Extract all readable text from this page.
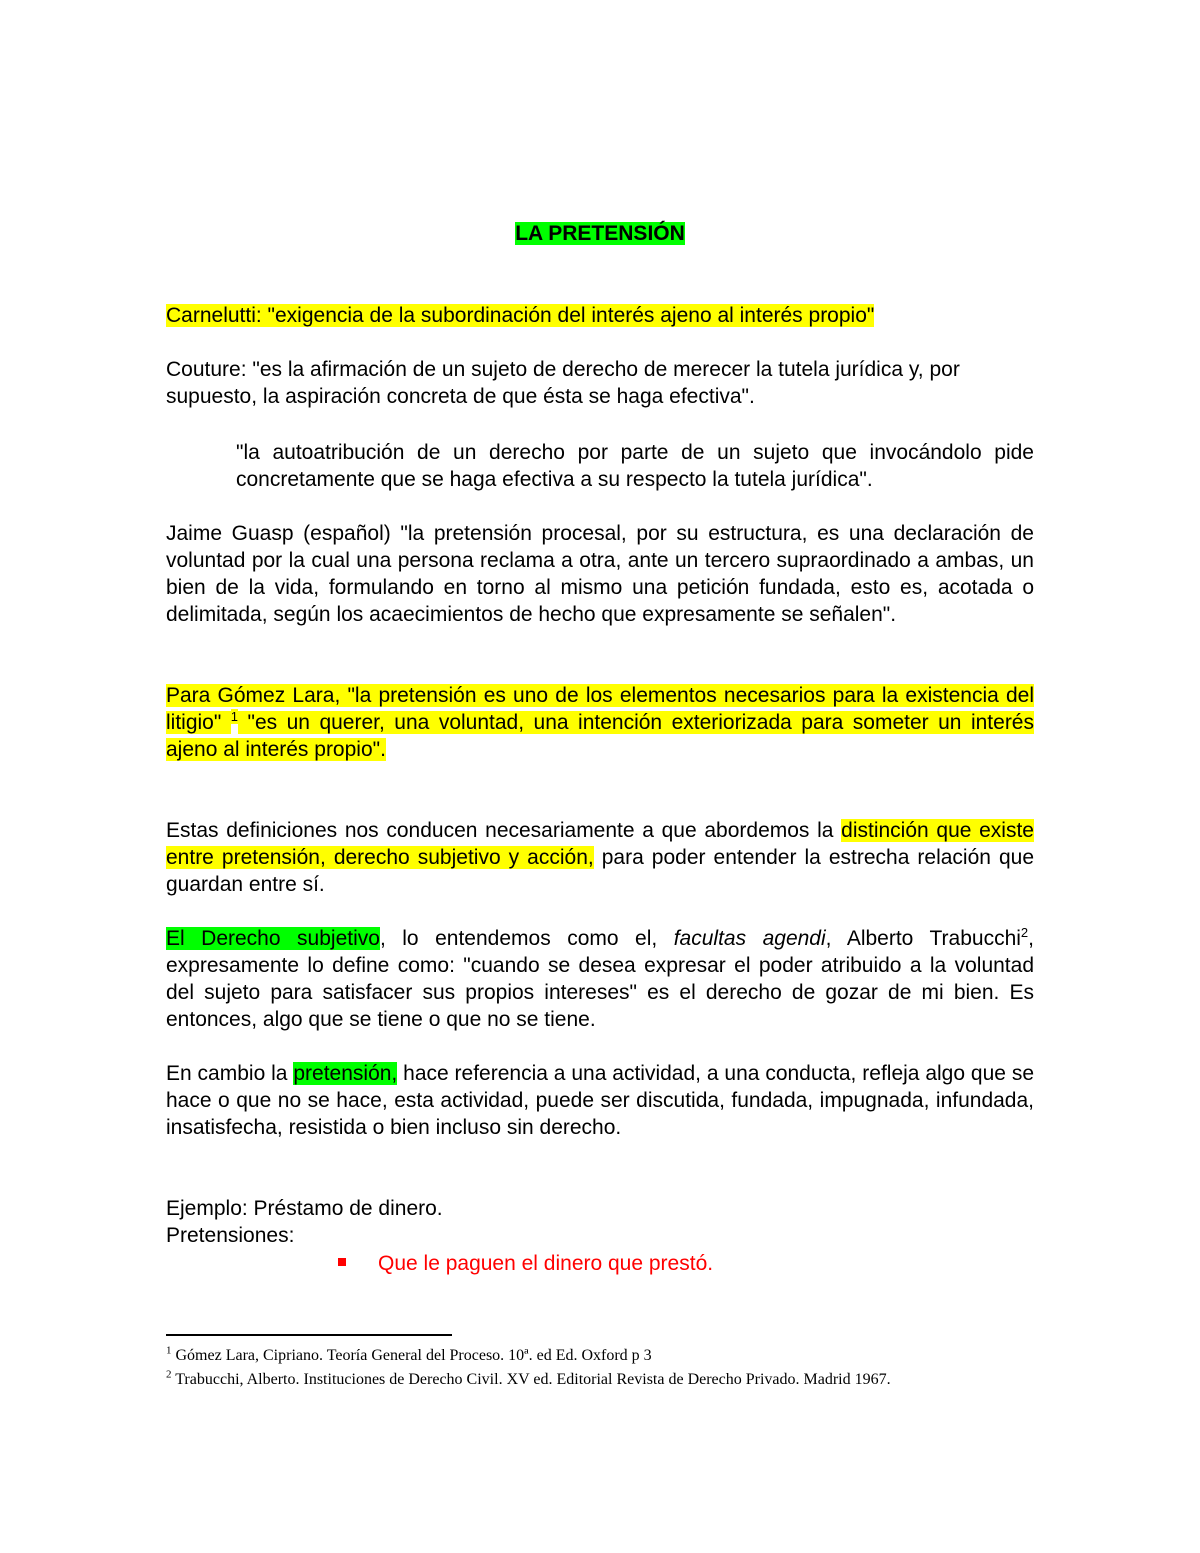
LA PRETENSIÓN
Carnelutti: "exigencia de la subordinación del interés ajeno al interés propio"
Couture: "es la afirmación de un sujeto de derecho de merecer la tutela jurídica y, por supuesto, la aspiración concreta de que ésta se haga efectiva".
"la autoatribución de un derecho por parte de un sujeto que invocándolo pide concretamente que se haga efectiva a su respecto la tutela jurídica".
Jaime Guasp (español) "la pretensión procesal, por su estructura, es una declaración de voluntad por la cual una persona reclama a otra, ante un tercero supraordinado a ambas, un bien de la vida, formulando en torno al mismo una petición fundada, esto es, acotada o delimitada, según los acaecimientos de hecho que expresamente se señalen".
Para Gómez Lara, "la pretensión es uno de los elementos necesarios para la existencia del litigio" $^1$ "es un querer, una voluntad, una intención exteriorizada para someter un interés ajeno al interés propio".
Estas definiciones nos conducen necesariamente a que abordemos la distinción que existe entre pretensión, derecho subjetivo y acción, para poder entender la estrecha relación que guardan entre sí.
El Derecho subjetivo, lo entendemos como el, facultas agendi, Alberto Trabucchi$^2$, expresamente lo define como: "cuando se desea expresar el poder atribuido a la voluntad del sujeto para satisfacer sus propios intereses" es el derecho de gozar de mi bien. Es entonces, algo que se tiene o que no se tiene.
En cambio la pretensión, hace referencia a una actividad, a una conducta, refleja algo que se hace o que no se hace, esta actividad, puede ser discutida, fundada, impugnada, infundada, insatisfecha, resistida o bien incluso sin derecho.
Ejemplo: Préstamo de dinero.
Pretensiones:
Que le paguen el dinero que prestó.
$^1$ Gómez Lara, Cipriano. Teoría General del Proceso. 10ª. ed Ed. Oxford p 3
$^2$ Trabucchi, Alberto. Instituciones de Derecho Civil. XV ed. Editorial Revista de Derecho Privado. Madrid 1967.
